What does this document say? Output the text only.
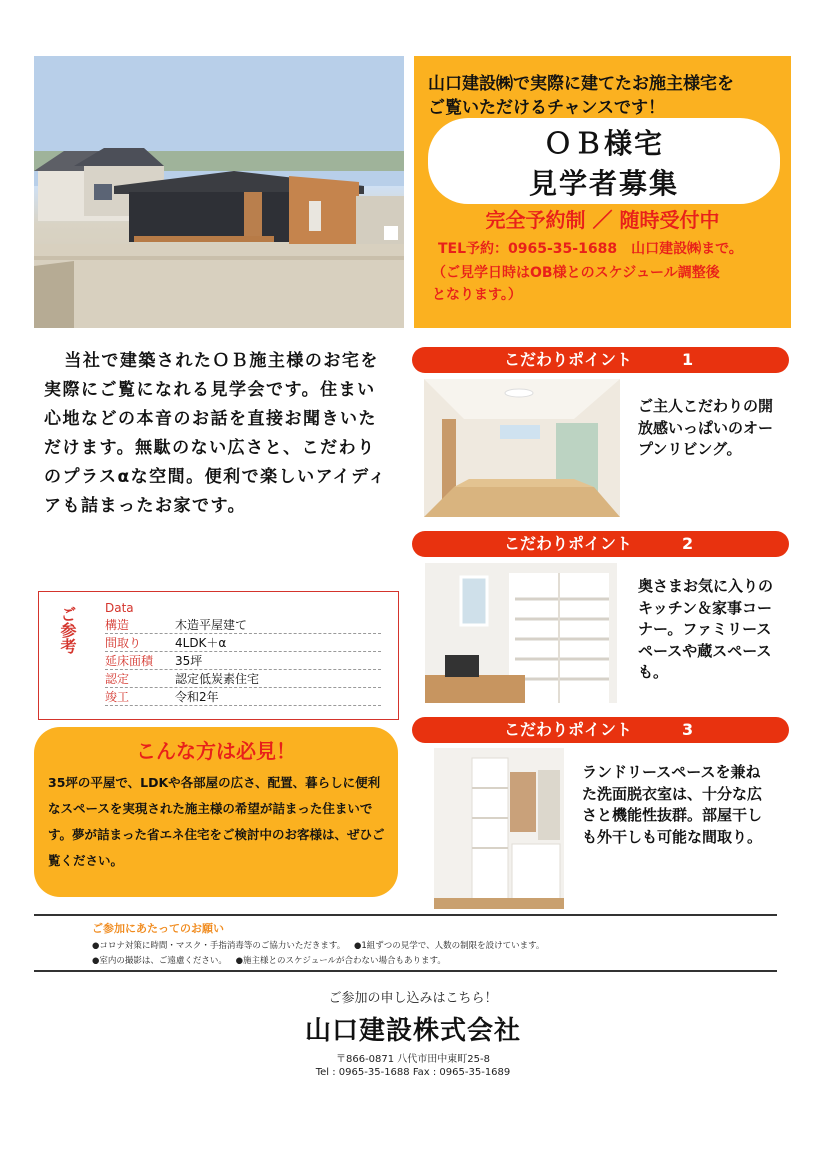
山口建設㈱で実際に建てたお施主様宅を
ご覧いただけるチャンスです！
ＯＢ様宅
見学者募集
完全予約制 ／ 随時受付中
TEL予約：0965-35-1688　山口建設㈱まで。
（ご見学日時はOB様とのスケジュール調整後
となります。）
当社で建築されたＯＢ施主様のお宅を実際にご覧になれる見学会です。住まい心地などの本音のお話を直接お聞きいただけます。無駄のない広さと、こだわりのプラスαな空間。便利で楽しいアイディアも詰まったお家です。
ご参考 Data
構造	木造平屋建て
間取り	4LDK＋α
延床面積 35坪
認定	認定低炭素住宅
竣工	令和2年
こんな方は必見！
35坪の平屋で、LDKや各部屋の広さ、配置、暮らしに便利なスペースを実現された施主様の希望が詰まった住まいです。夢が詰まった省エネ住宅をご検討中のお客様は、ぜひご覧ください。
こだわりポイント	1
ご主人こだわりの開放感いっぱいのオープンリビング。
こだわりポイント	2
奥さまお気に入りのキッチン＆家事コーナー。ファミリースペースや蔵スペースも。
こだわりポイント	3
ランドリースペースを兼ねた洗面脱衣室は、十分な広さと機能性抜群。部屋干しも外干しも可能な間取り。
ご参加にあたってのお願い
●コロナ対策に時間・マスク・手指消毒等のご協力いただきます。 ●1組ずつの見学で、人数の制限を設けています。
●室内の撮影は、ご遠慮ください。 ●施主様とのスケジュールが合わない場合もあります。
ご参加の申し込みはこちら！
山口建設株式会社
〒866-0871 八代市田中東町25-8
Tel : 0965-35-1688 Fax : 0965-35-1689
